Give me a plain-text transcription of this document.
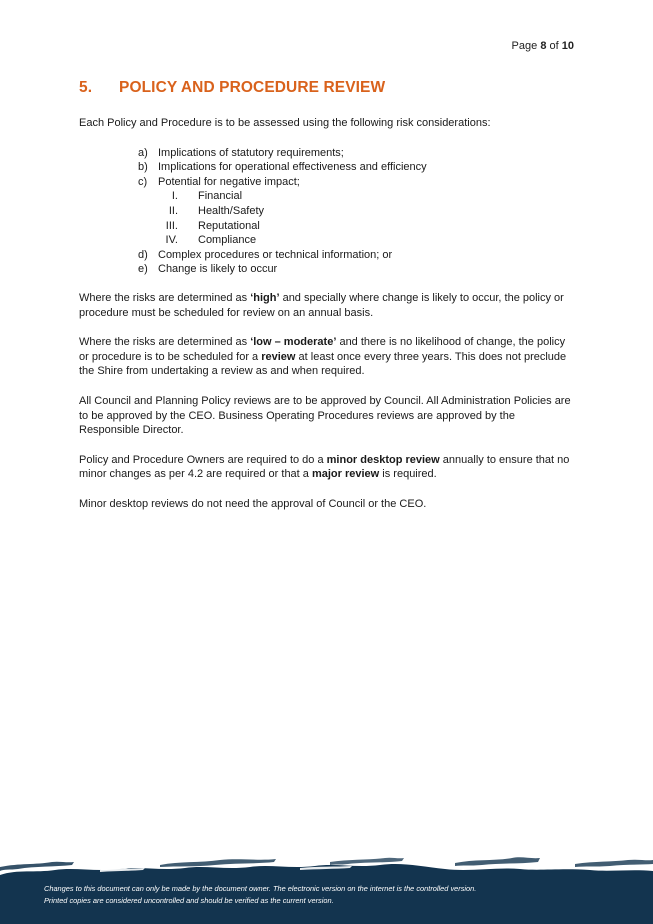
Page 8 of 10
5. POLICY AND PROCEDURE REVIEW

Each Policy and Procedure is to be assessed using the following risk considerations:

a) Implications of statutory requirements;
b) Implications for operational effectiveness and efficiency
c) Potential for negative impact;
I. Financial
II. Health/Safety
III. Reputational
IV. Compliance
d) Complex procedures or technical information; or
e) Change is likely to occur

Where the risks are determined as ‘high’ and specially where change is likely to occur, the policy or procedure must be scheduled for review on an annual basis.

Where the risks are determined as ‘low – moderate’ and there is no likelihood of change, the policy or procedure is to be scheduled for a review at least once every three years. This does not preclude the Shire from undertaking a review as and when required.

All Council and Planning Policy reviews are to be approved by Council. All Administration Policies are to be approved by the CEO. Business Operating Procedures reviews are approved by the Responsible Director.

Policy and Procedure Owners are required to do a minor desktop review annually to ensure that no minor changes as per 4.2 are required or that a major review is required.

Minor desktop reviews do not need the approval of Council or the CEO.

Changes to this document can only be made by the document owner. The electronic version on the internet is the controlled version.
Printed copies are considered uncontrolled and should be verified as the current version.
